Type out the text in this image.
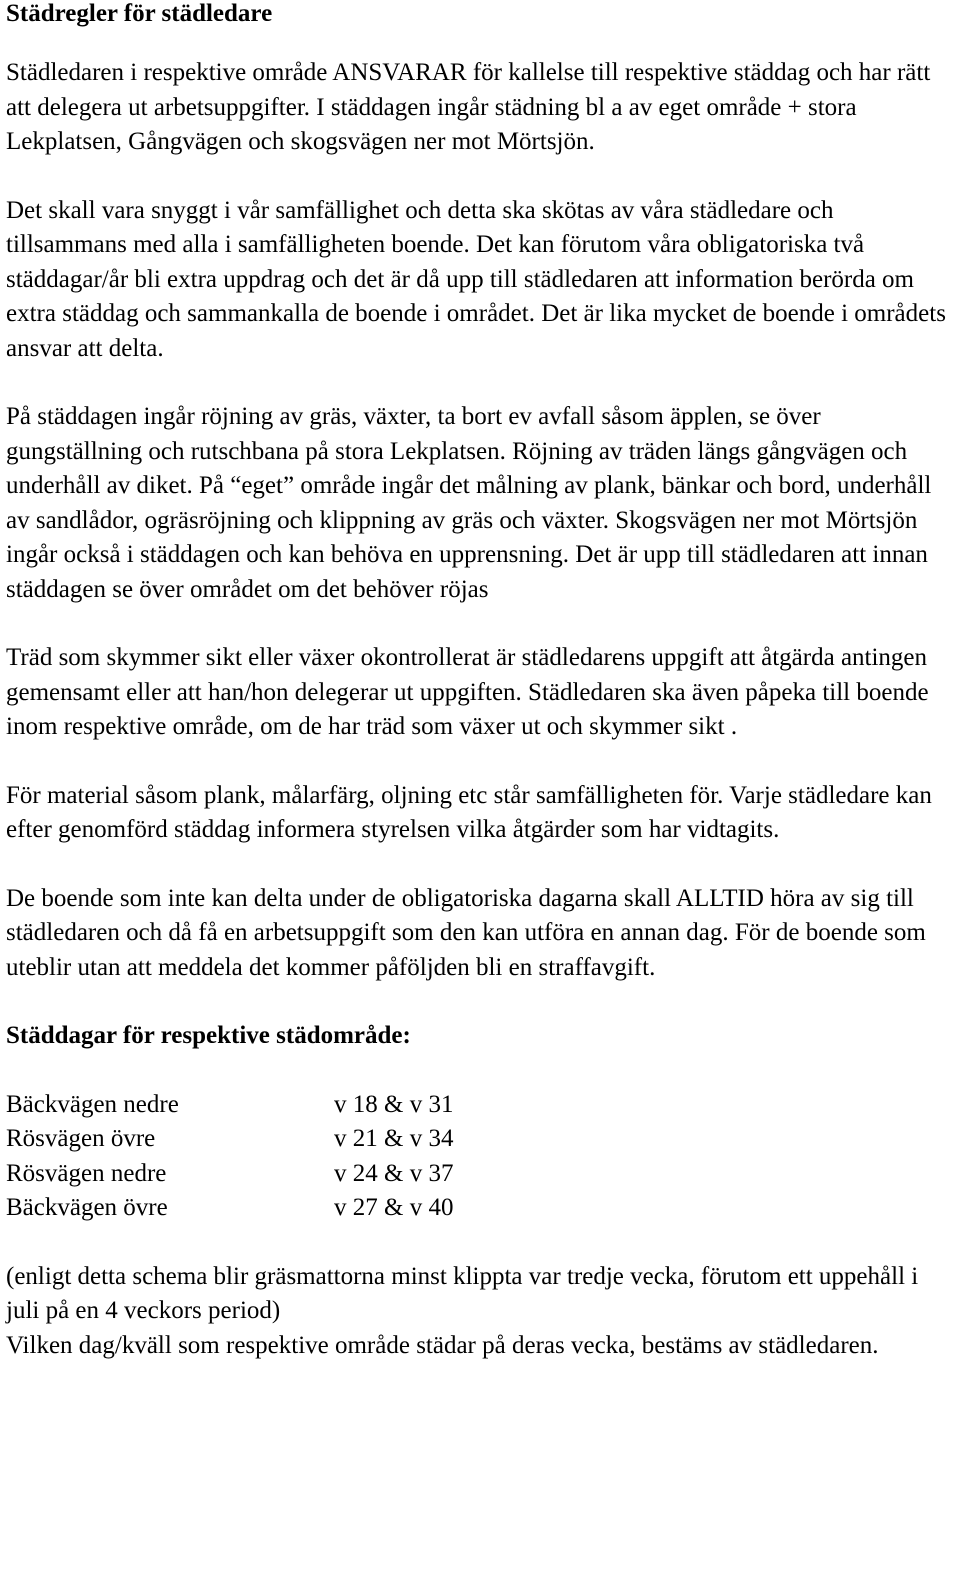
Städregler för städledare

Städledaren i respektive område ANSVARAR för kallelse till respektive städdag och har rätt att delegera ut arbetsuppgifter. I städdagen ingår städning bl a av eget område + stora Lekplatsen, Gångvägen och skogsvägen ner mot Mörtsjön.

Det skall vara snyggt i vår samfällighet och detta ska skötas av våra städledare och tillsammans med alla i samfälligheten boende. Det kan förutom våra obligatoriska två städdagar/år bli extra uppdrag och det är då upp till städledaren att information berörda om extra städdag och sammankalla de boende i området. Det är lika mycket de boende i områdets ansvar att delta.

På städdagen ingår röjning av gräs, växter, ta bort ev avfall såsom äpplen, se över gungställning och rutschbana på stora Lekplatsen. Röjning av träden längs gångvägen och underhåll av diket. På “eget” område ingår det målning av plank, bänkar och bord, underhåll av sandlådor, ogräsröjning och klippning av gräs och växter. Skogsvägen ner mot Mörtsjön ingår också i städdagen och kan behöva en upprensning. Det är upp till städledaren att innan städdagen se över området om det behöver röjas

Träd som skymmer sikt eller växer okontrollerat är städledarens uppgift att åtgärda antingen gemensamt eller att han/hon delegerar ut uppgiften. Städledaren ska även påpeka till boende inom respektive område, om de har träd som växer ut och skymmer sikt .

För material såsom plank, målarfärg, oljning etc står samfälligheten för. Varje städledare kan efter genomförd städdag informera styrelsen vilka åtgärder som har vidtagits.

De boende som inte kan delta under de obligatoriska dagarna skall ALLTID höra av sig till städledaren och då få en arbetsuppgift som den kan utföra en annan dag. För de boende som uteblir utan att meddela det kommer påföljden bli en straffavgift.

Städdagar för respektive städområde:
Bäckvägen nedre	v 18 & v 31
Rösvägen övre	v 21 & v 34
Rösvägen nedre	v 24 & v 37
Bäckvägen övre	v 27 & v 40

(enligt detta schema blir gräsmattorna minst klippta var tredje vecka, förutom ett uppehåll i juli på en 4 veckors period)

Vilken dag/kväll som respektive område städar på deras vecka, bestäms av städledaren.
